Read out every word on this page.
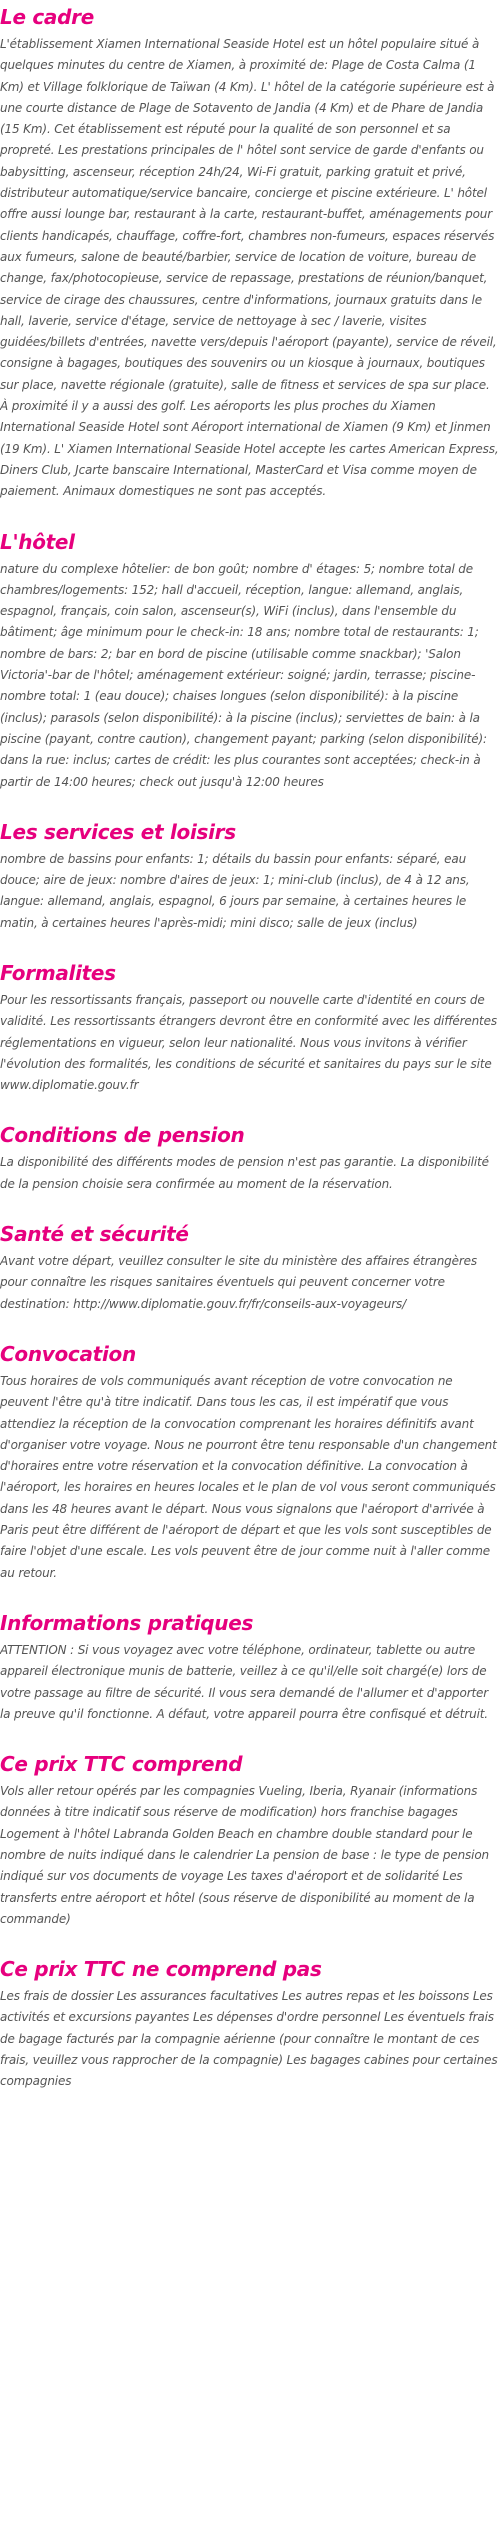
Le cadre

L'établissement Xiamen International Seaside Hotel est un hôtel populaire situé à quelques minutes du centre de Xiamen, à proximité de: Plage de Costa Calma (1 Km) et Village folklorique de Taïwan (4 Km). L' hôtel de la catégorie supérieure est à une courte distance de Plage de Sotavento de Jandia (4 Km) et de Phare de Jandia (15 Km). Cet établissement est réputé pour la qualité de son personnel et sa propreté. Les prestations principales de l' hôtel sont service de garde d'enfants ou babysitting, ascenseur, réception 24h/24, Wi-Fi gratuit, parking gratuit et privé, distributeur automatique/service bancaire, concierge et piscine extérieure. L' hôtel offre aussi lounge bar, restaurant à la carte, restaurant-buffet, aménagements pour clients handicapés, chauffage, coffre-fort, chambres non-fumeurs, espaces réservés aux fumeurs, salone de beauté/barbier, service de location de voiture, bureau de change, fax/photocopieuse, service de repassage, prestations de réunion/banquet, service de cirage des chaussures, centre d'informations, journaux gratuits dans le hall, laverie, service d'étage, service de nettoyage à sec / laverie, visites guidées/billets d'entrées, navette vers/depuis l'aéroport (payante), service de réveil, consigne à bagages, boutiques des souvenirs ou un kiosque à journaux, boutiques sur place, navette régionale (gratuite), salle de fitness et services de spa sur place. À proximité il y a aussi des golf. Les aéroports les plus proches du Xiamen International Seaside Hotel sont Aéroport international de Xiamen (9 Km) et Jinmen (19 Km). L' Xiamen International Seaside Hotel accepte les cartes American Express, Diners Club, Jcarte banscaire International, MasterCard et Visa comme moyen de paiement. Animaux domestiques ne sont pas acceptés.

L'hôtel

nature du complexe hôtelier: de bon goût; nombre d' étages: 5; nombre total de chambres/logements: 152; hall d'accueil, réception, langue: allemand, anglais, espagnol, français, coin salon, ascenseur(s), WiFi (inclus), dans l'ensemble du bâtiment; âge minimum pour le check-in: 18 ans; nombre total de restaurants: 1; nombre de bars: 2; bar en bord de piscine (utilisable comme snackbar); 'Salon Victoria'-bar de l'hôtel; aménagement extérieur: soigné; jardin, terrasse; piscine-nombre total: 1 (eau douce); chaises longues (selon disponibilité): à la piscine (inclus); parasols (selon disponibilité): à la piscine (inclus); serviettes de bain: à la piscine (payant, contre caution), changement payant; parking (selon disponibilité): dans la rue: inclus; cartes de crédit: les plus courantes sont acceptées; check-in à partir de 14:00 heures; check out jusqu'à 12:00 heures

Les services et loisirs

nombre de bassins pour enfants: 1; détails du bassin pour enfants: séparé, eau douce; aire de jeux: nombre d'aires de jeux: 1; mini-club (inclus), de 4 à 12 ans, langue: allemand, anglais, espagnol, 6 jours par semaine, à certaines heures le matin, à certaines heures l'après-midi; mini disco; salle de jeux (inclus)

Formalites

Pour les ressortissants français, passeport ou nouvelle carte d'identité en cours de validité. Les ressortissants étrangers devront être en conformité avec les différentes réglementations en vigueur, selon leur nationalité. Nous vous invitons à vérifier l'évolution des formalités, les conditions de sécurité et sanitaires du pays sur le site www.diplomatie.gouv.fr

Conditions de pension

La disponibilité des différents modes de pension n'est pas garantie. La disponibilité de la pension choisie sera confirmée au moment de la réservation.

Santé et sécurité

Avant votre départ, veuillez consulter le site du ministère des affaires étrangères pour connaître les risques sanitaires éventuels qui peuvent concerner votre destination: http://www.diplomatie.gouv.fr/fr/conseils-aux-voyageurs/

Convocation

Tous horaires de vols communiqués avant réception de votre convocation ne peuvent l'être qu'à titre indicatif. Dans tous les cas, il est impératif que vous attendiez la réception de la convocation comprenant les horaires définitifs avant d'organiser votre voyage. Nous ne pourront être tenu responsable d'un changement d'horaires entre votre réservation et la convocation définitive. La convocation à l'aéroport, les horaires en heures locales et le plan de vol vous seront communiqués dans les 48 heures avant le départ. Nous vous signalons que l'aéroport d'arrivée à Paris peut être différent de l'aéroport de départ et que les vols sont susceptibles de faire l'objet d'une escale. Les vols peuvent être de jour comme nuit à l'aller comme au retour.

Informations pratiques

ATTENTION : Si vous voyagez avec votre téléphone, ordinateur, tablette ou autre appareil électronique munis de batterie, veillez à ce qu'il/elle soit chargé(e) lors de votre passage au filtre de sécurité. Il vous sera demandé de l'allumer et d'apporter la preuve qu'il fonctionne. A défaut, votre appareil pourra être confisqué et détruit.

Ce prix TTC comprend

Vols aller retour opérés par les compagnies Vueling, Iberia, Ryanair (informations données à titre indicatif sous réserve de modification) hors franchise bagages Logement à l'hôtel Labranda Golden Beach en chambre double standard pour le nombre de nuits indiqué dans le calendrier La pension de base : le type de pension indiqué sur vos documents de voyage Les taxes d'aéroport et de solidarité Les transferts entre aéroport et hôtel (sous réserve de disponibilité au moment de la commande)

Ce prix TTC ne comprend pas

Les frais de dossier Les assurances facultatives Les autres repas et les boissons Les activités et excursions payantes Les dépenses d'ordre personnel Les éventuels frais de bagage facturés par la compagnie aérienne (pour connaître le montant de ces frais, veuillez vous rapprocher de la compagnie) Les bagages cabines pour certaines compagnies
